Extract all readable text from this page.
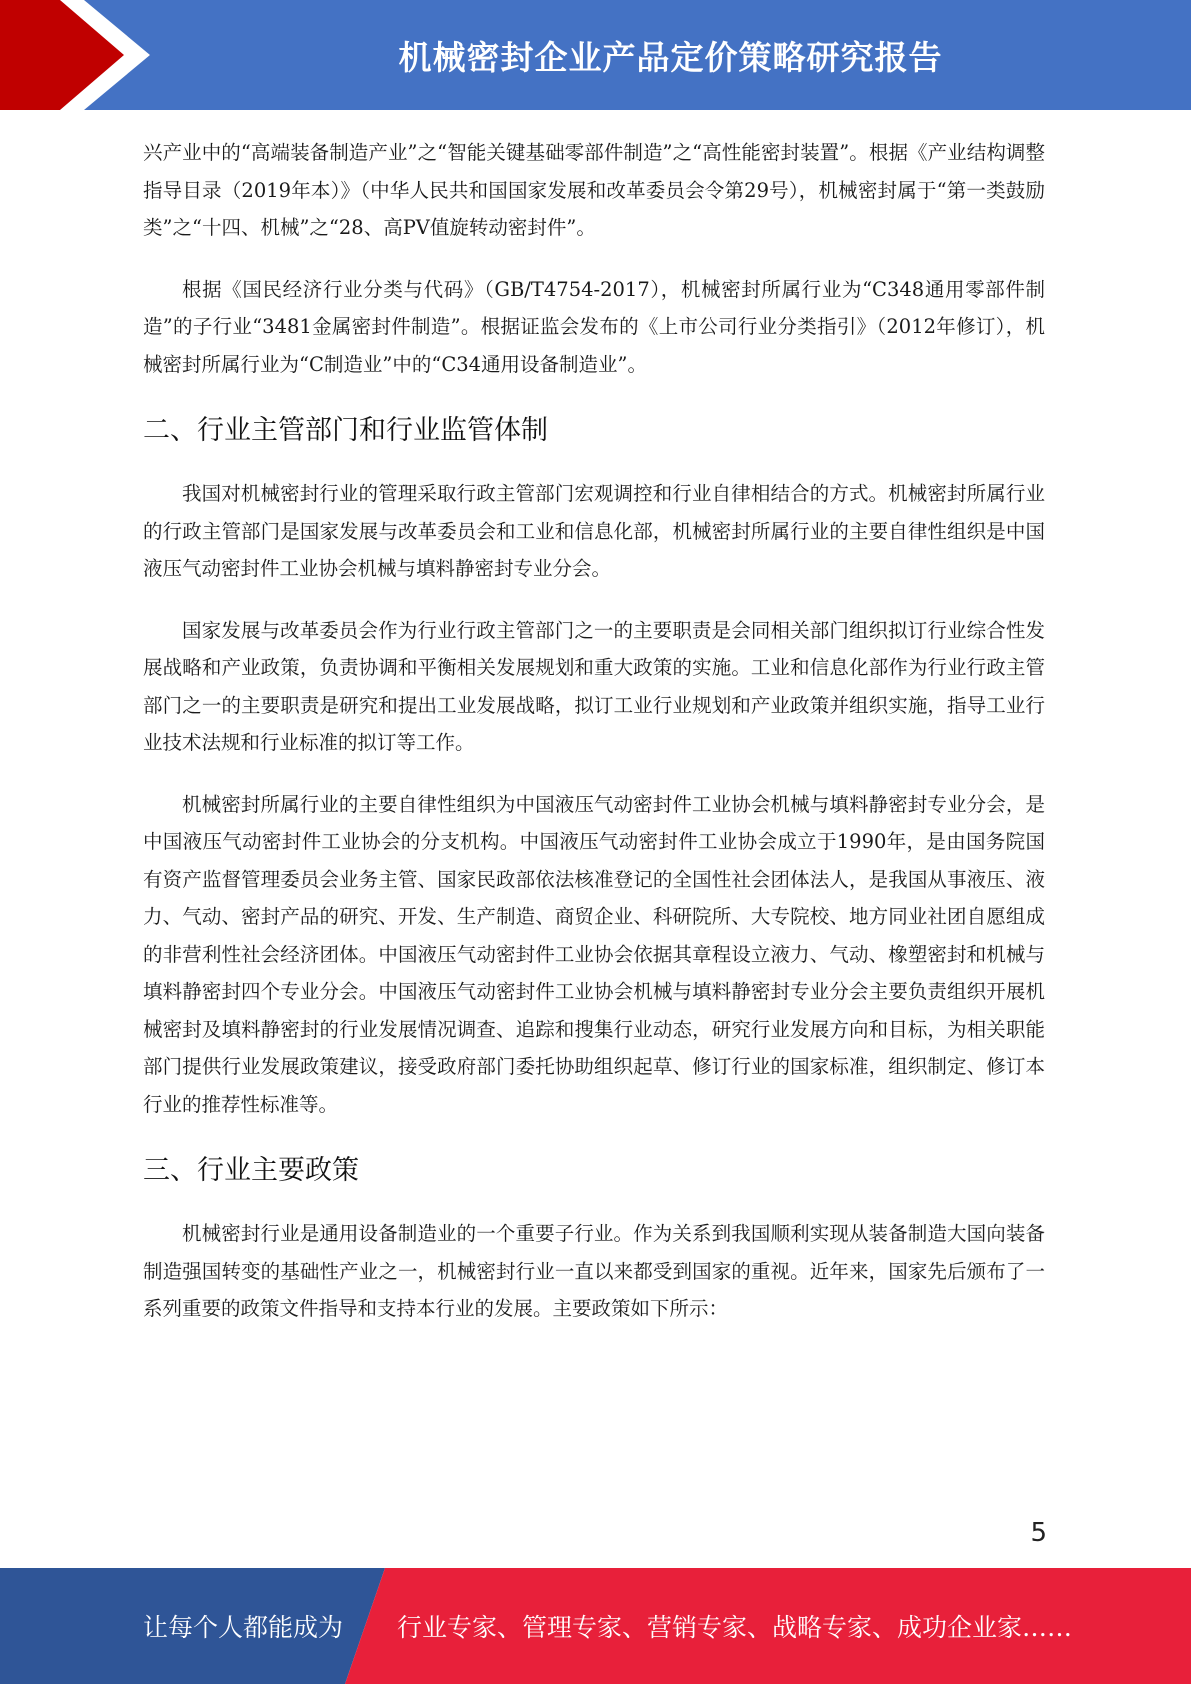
机械密封企业产品定价策略研究报告

兴产业中的“高端装备制造产业”之“智能关键基础零部件制造”之“高性能密封装置”。根据《产业结构调整指导目录（2019年本）》（中华人民共和国国家发展和改革委员会令第29号），机械密封属于“第一类鼓励类”之“十四、机械”之“28、高PV值旋转动密封件”。

根据《国民经济行业分类与代码》（GB/T4754-2017），机械密封所属行业为“C348通用零部件制造”的子行业“3481金属密封件制造”。根据证监会发布的《上市公司行业分类指引》（2012年修订），机械密封所属行业为“C制造业”中的“C34通用设备制造业”。

二、行业主管部门和行业监管体制

我国对机械密封行业的管理采取行政主管部门宏观调控和行业自律相结合的方式。机械密封所属行业的行政主管部门是国家发展与改革委员会和工业和信息化部，机械密封所属行业的主要自律性组织是中国液压气动密封件工业协会机械与填料静密封专业分会。

国家发展与改革委员会作为行业行政主管部门之一的主要职责是会同相关部门组织拟订行业综合性发展战略和产业政策，负责协调和平衡相关发展规划和重大政策的实施。工业和信息化部作为行业行政主管部门之一的主要职责是研究和提出工业发展战略，拟订工业行业规划和产业政策并组织实施，指导工业行业技术法规和行业标准的拟订等工作。

机械密封所属行业的主要自律性组织为中国液压气动密封件工业协会机械与填料静密封专业分会，是中国液压气动密封件工业协会的分支机构。中国液压气动密封件工业协会成立于1990年，是由国务院国有资产监督管理委员会业务主管、国家民政部依法核准登记的全国性社会团体法人，是我国从事液压、液力、气动、密封产品的研究、开发、生产制造、商贸企业、科研院所、大专院校、地方同业社团自愿组成的非营利性社会经济团体。中国液压气动密封件工业协会依据其章程设立液力、气动、橡塑密封和机械与填料静密封四个专业分会。中国液压气动密封件工业协会机械与填料静密封专业分会主要负责组织开展机械密封及填料静密封的行业发展情况调查、追踪和搜集行业动态，研究行业发展方向和目标，为相关职能部门提供行业发展政策建议，接受政府部门委托协助组织起草、修订行业的国家标准，组织制定、修订本行业的推荐性标准等。

三、行业主要政策

机械密封行业是通用设备制造业的一个重要子行业。作为关系到我国顺利实现从装备制造大国向装备制造强国转变的基础性产业之一，机械密封行业一直以来都受到国家的重视。近年来，国家先后颁布了一系列重要的政策文件指导和支持本行业的发展。主要政策如下所示：

5
让每个人都能成为 行业专家、管理专家、营销专家、战略专家、成功企业家……
